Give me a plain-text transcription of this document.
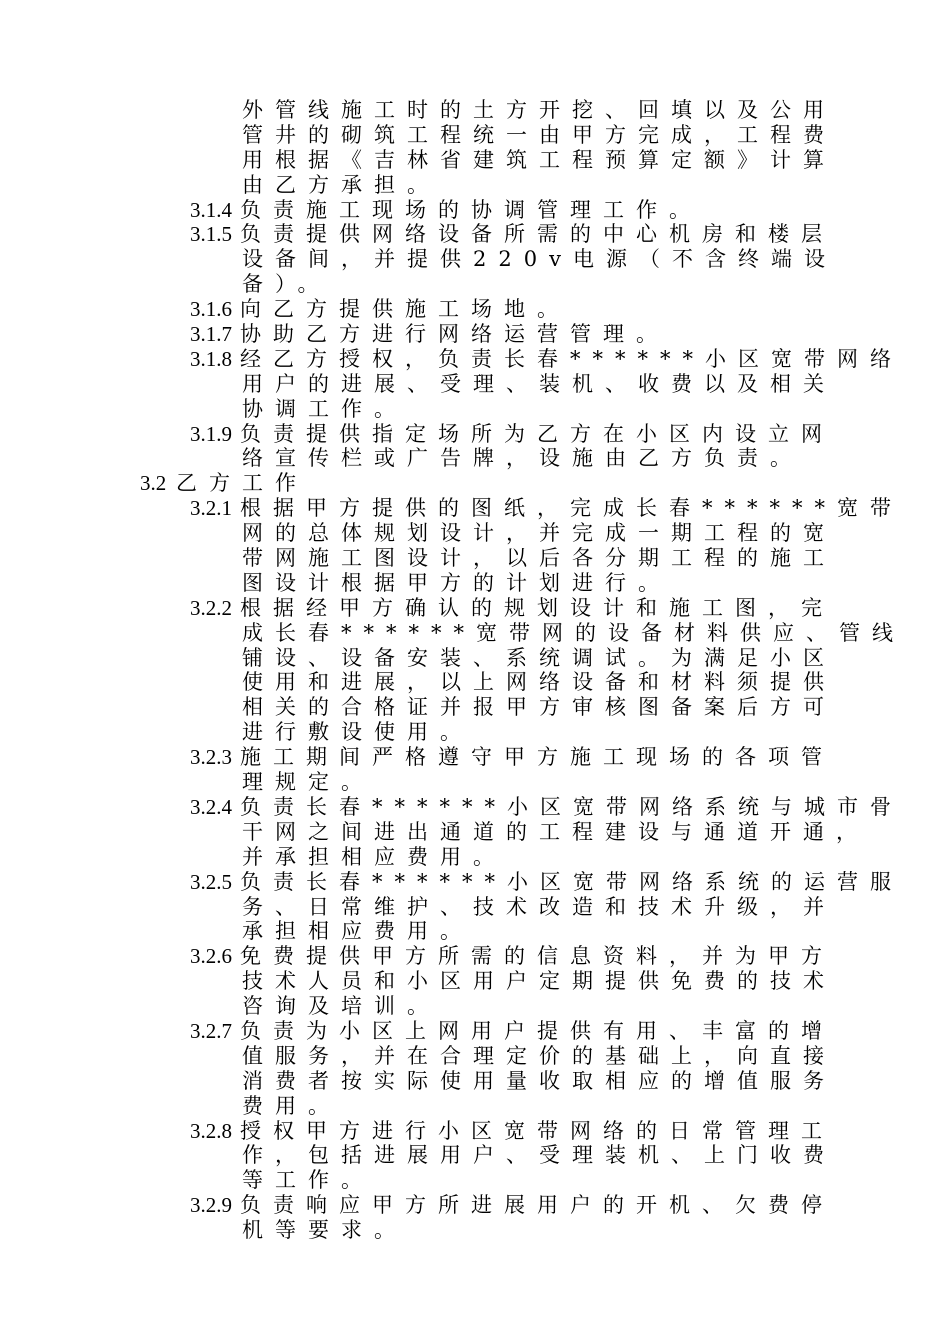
外管线施工时的土方开挖、回填以及公用
管井的砌筑工程统一由甲方完成，工程费
用根据《吉林省建筑工程预算定额》计算
由乙方承担。
3.1.4 负责施工现场的协调管理工作。
3.1.5 负责提供网络设备所需的中心机房和楼层
设备间，并提供220v电源（不含终端设
备）。
3.1.6 向乙方提供施工场地。
3.1.7 协助乙方进行网络运营管理。
3.1.8 经乙方授权，负责长春******小区宽带网络
用户的进展、受理、装机、收费以及相关
协调工作。
3.1.9 负责提供指定场所为乙方在小区内设立网
络宣传栏或广告牌，设施由乙方负责。
3.2 乙方工作
3.2.1 根据甲方提供的图纸，完成长春******宽带
网的总体规划设计，并完成一期工程的宽
带网施工图设计，以后各分期工程的施工
图设计根据甲方的计划进行。
3.2.2 根据经甲方确认的规划设计和施工图，完
成长春******宽带网的设备材料供应、管线
铺设、设备安装、系统调试。为满足小区
使用和进展，以上网络设备和材料须提供
相关的合格证并报甲方审核图备案后方可
进行敷设使用。
3.2.3 施工期间严格遵守甲方施工现场的各项管
理规定。
3.2.4 负责长春******小区宽带网络系统与城市骨
干网之间进出通道的工程建设与通道开通，
并承担相应费用。
3.2.5 负责长春******小区宽带网络系统的运营服
务、日常维护、技术改造和技术升级，并
承担相应费用。
3.2.6 免费提供甲方所需的信息资料，并为甲方
技术人员和小区用户定期提供免费的技术
咨询及培训。
3.2.7 负责为小区上网用户提供有用、丰富的增
值服务，并在合理定价的基础上，向直接
消费者按实际使用量收取相应的增值服务
费用。
3.2.8 授权甲方进行小区宽带网络的日常管理工
作，包括进展用户、受理装机、上门收费
等工作。
3.2.9 负责响应甲方所进展用户的开机、欠费停
机等要求。
